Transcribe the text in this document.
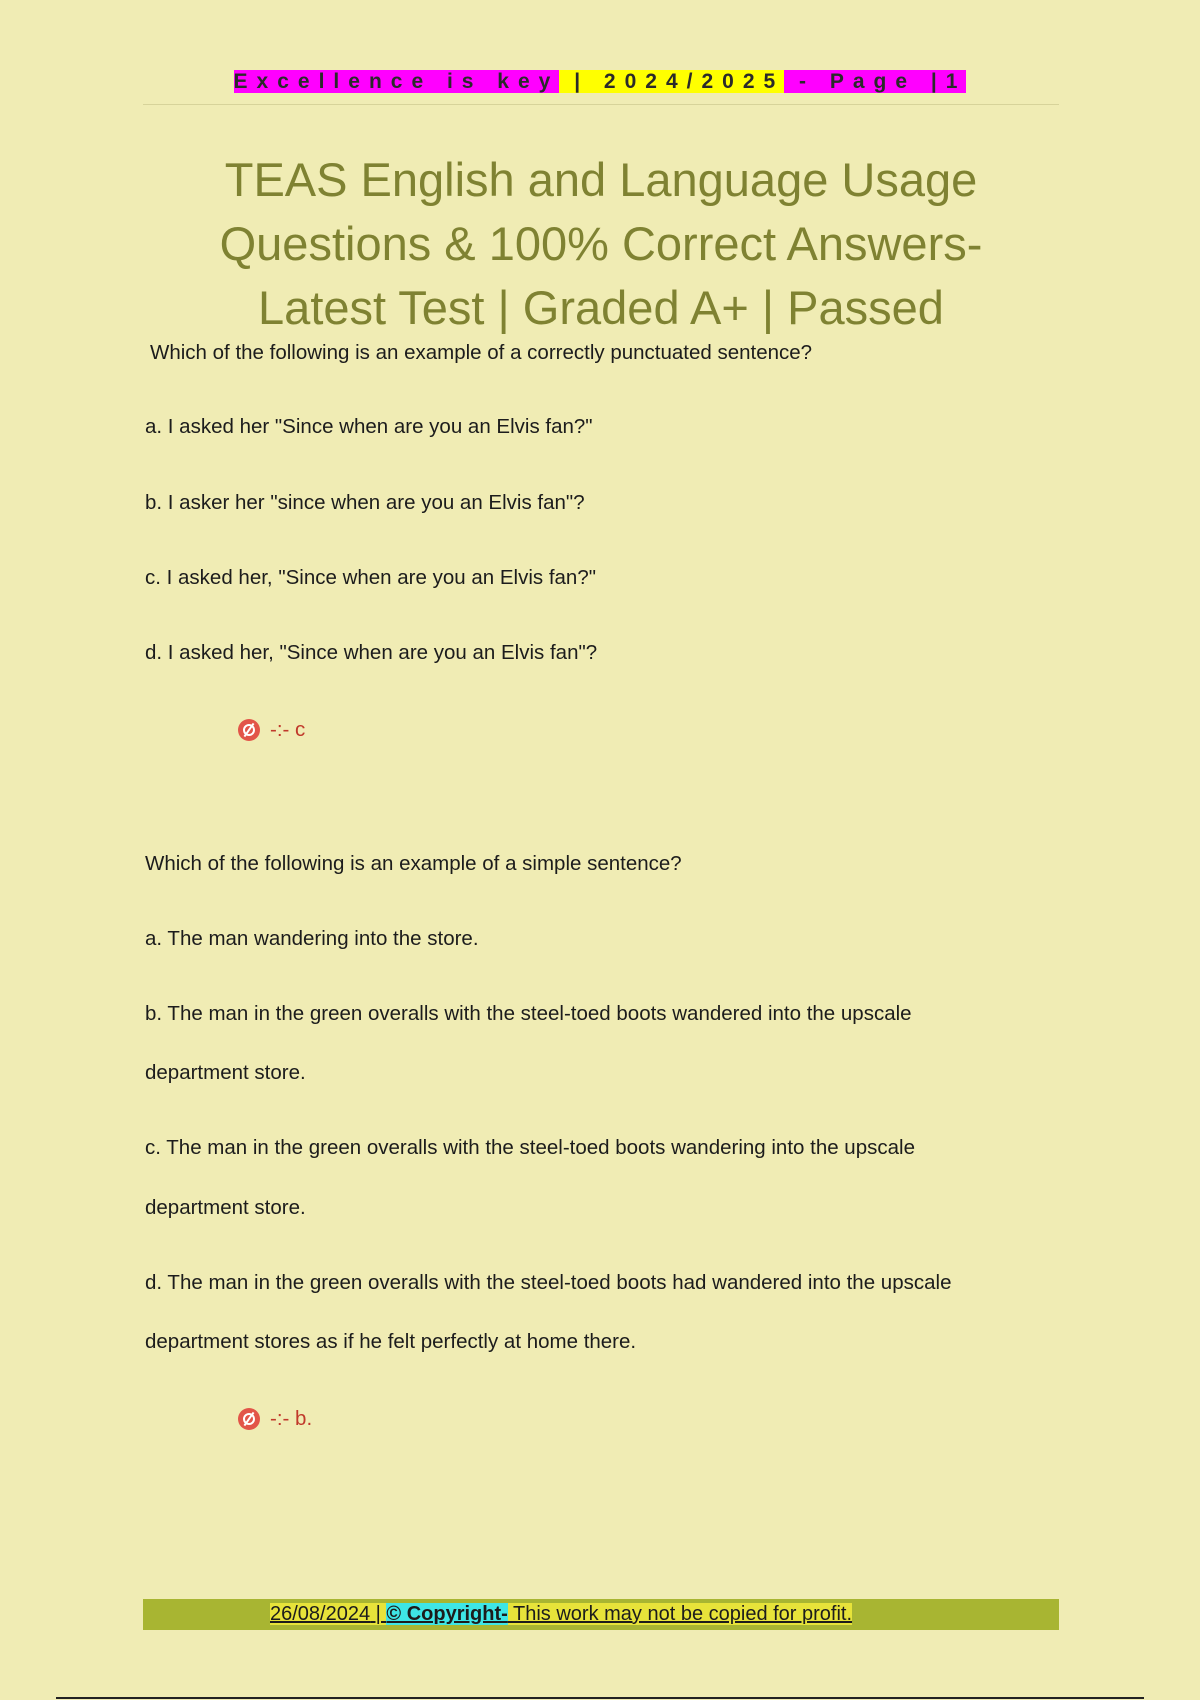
Excellence is key | 2024/2025 - Page |1
TEAS English and Language Usage
Questions & 100% Correct Answers-
Latest Test | Graded A+ | Passed
Which of the following is an example of a correctly punctuated sentence?
a. I asked her "Since when are you an Elvis fan?"
b. I asker her "since when are you an Elvis fan"?
c. I asked her, "Since when are you an Elvis fan?"
d. I asked her, "Since when are you an Elvis fan"?
-:- c
Which of the following is an example of a simple sentence?
a. The man wandering into the store.
b. The man in the green overalls with the steel-toed boots wandered into the upscale
department store.
c. The man in the green overalls with the steel-toed boots wandering into the upscale
department store.
d. The man in the green overalls with the steel-toed boots had wandered into the upscale
department stores as if he felt perfectly at home there.
-:- b.
26/08/2024 | © Copyright- This work may not be copied for profit.
